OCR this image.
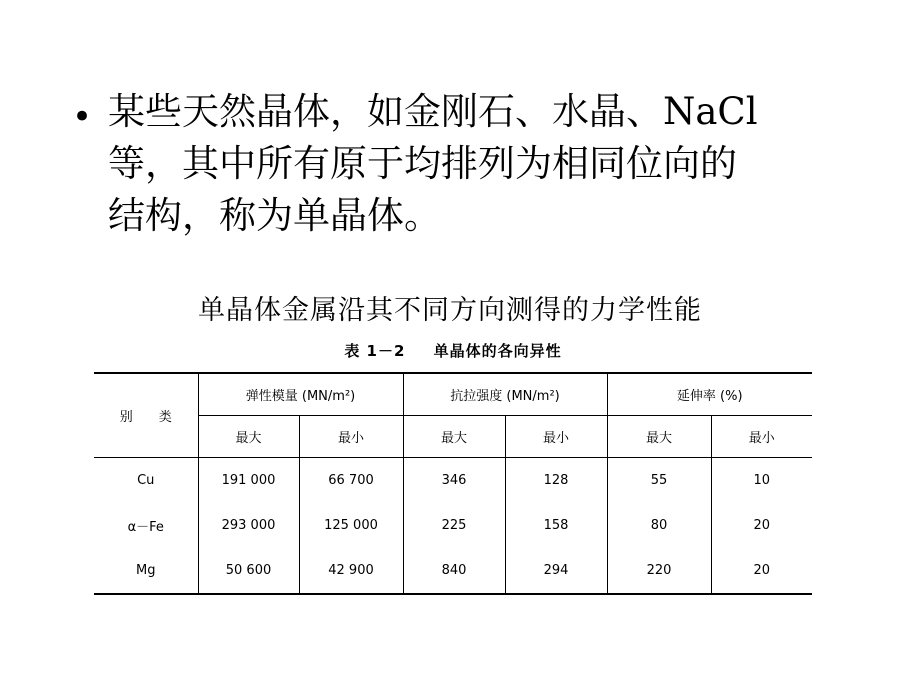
• 某些天然晶体，如金刚石、水晶、NaCl
等，其中所有原于均排列为相同位向的
结构，称为单晶体。
单晶体金属沿其不同方向测得的力学性能
表 1－2 单晶体的各向异性
别　　类	弹性模量 (MN/m²)		抗拉强度 (MN/m²)		延伸率 (%)	
	最大	最小	最大	最小	最大	最小
Cu	191 000	66 700	346	128	55	10
α－Fe	293 000	125 000	225	158	80	20
Mg	50 600	42 900	840	294	220	20
